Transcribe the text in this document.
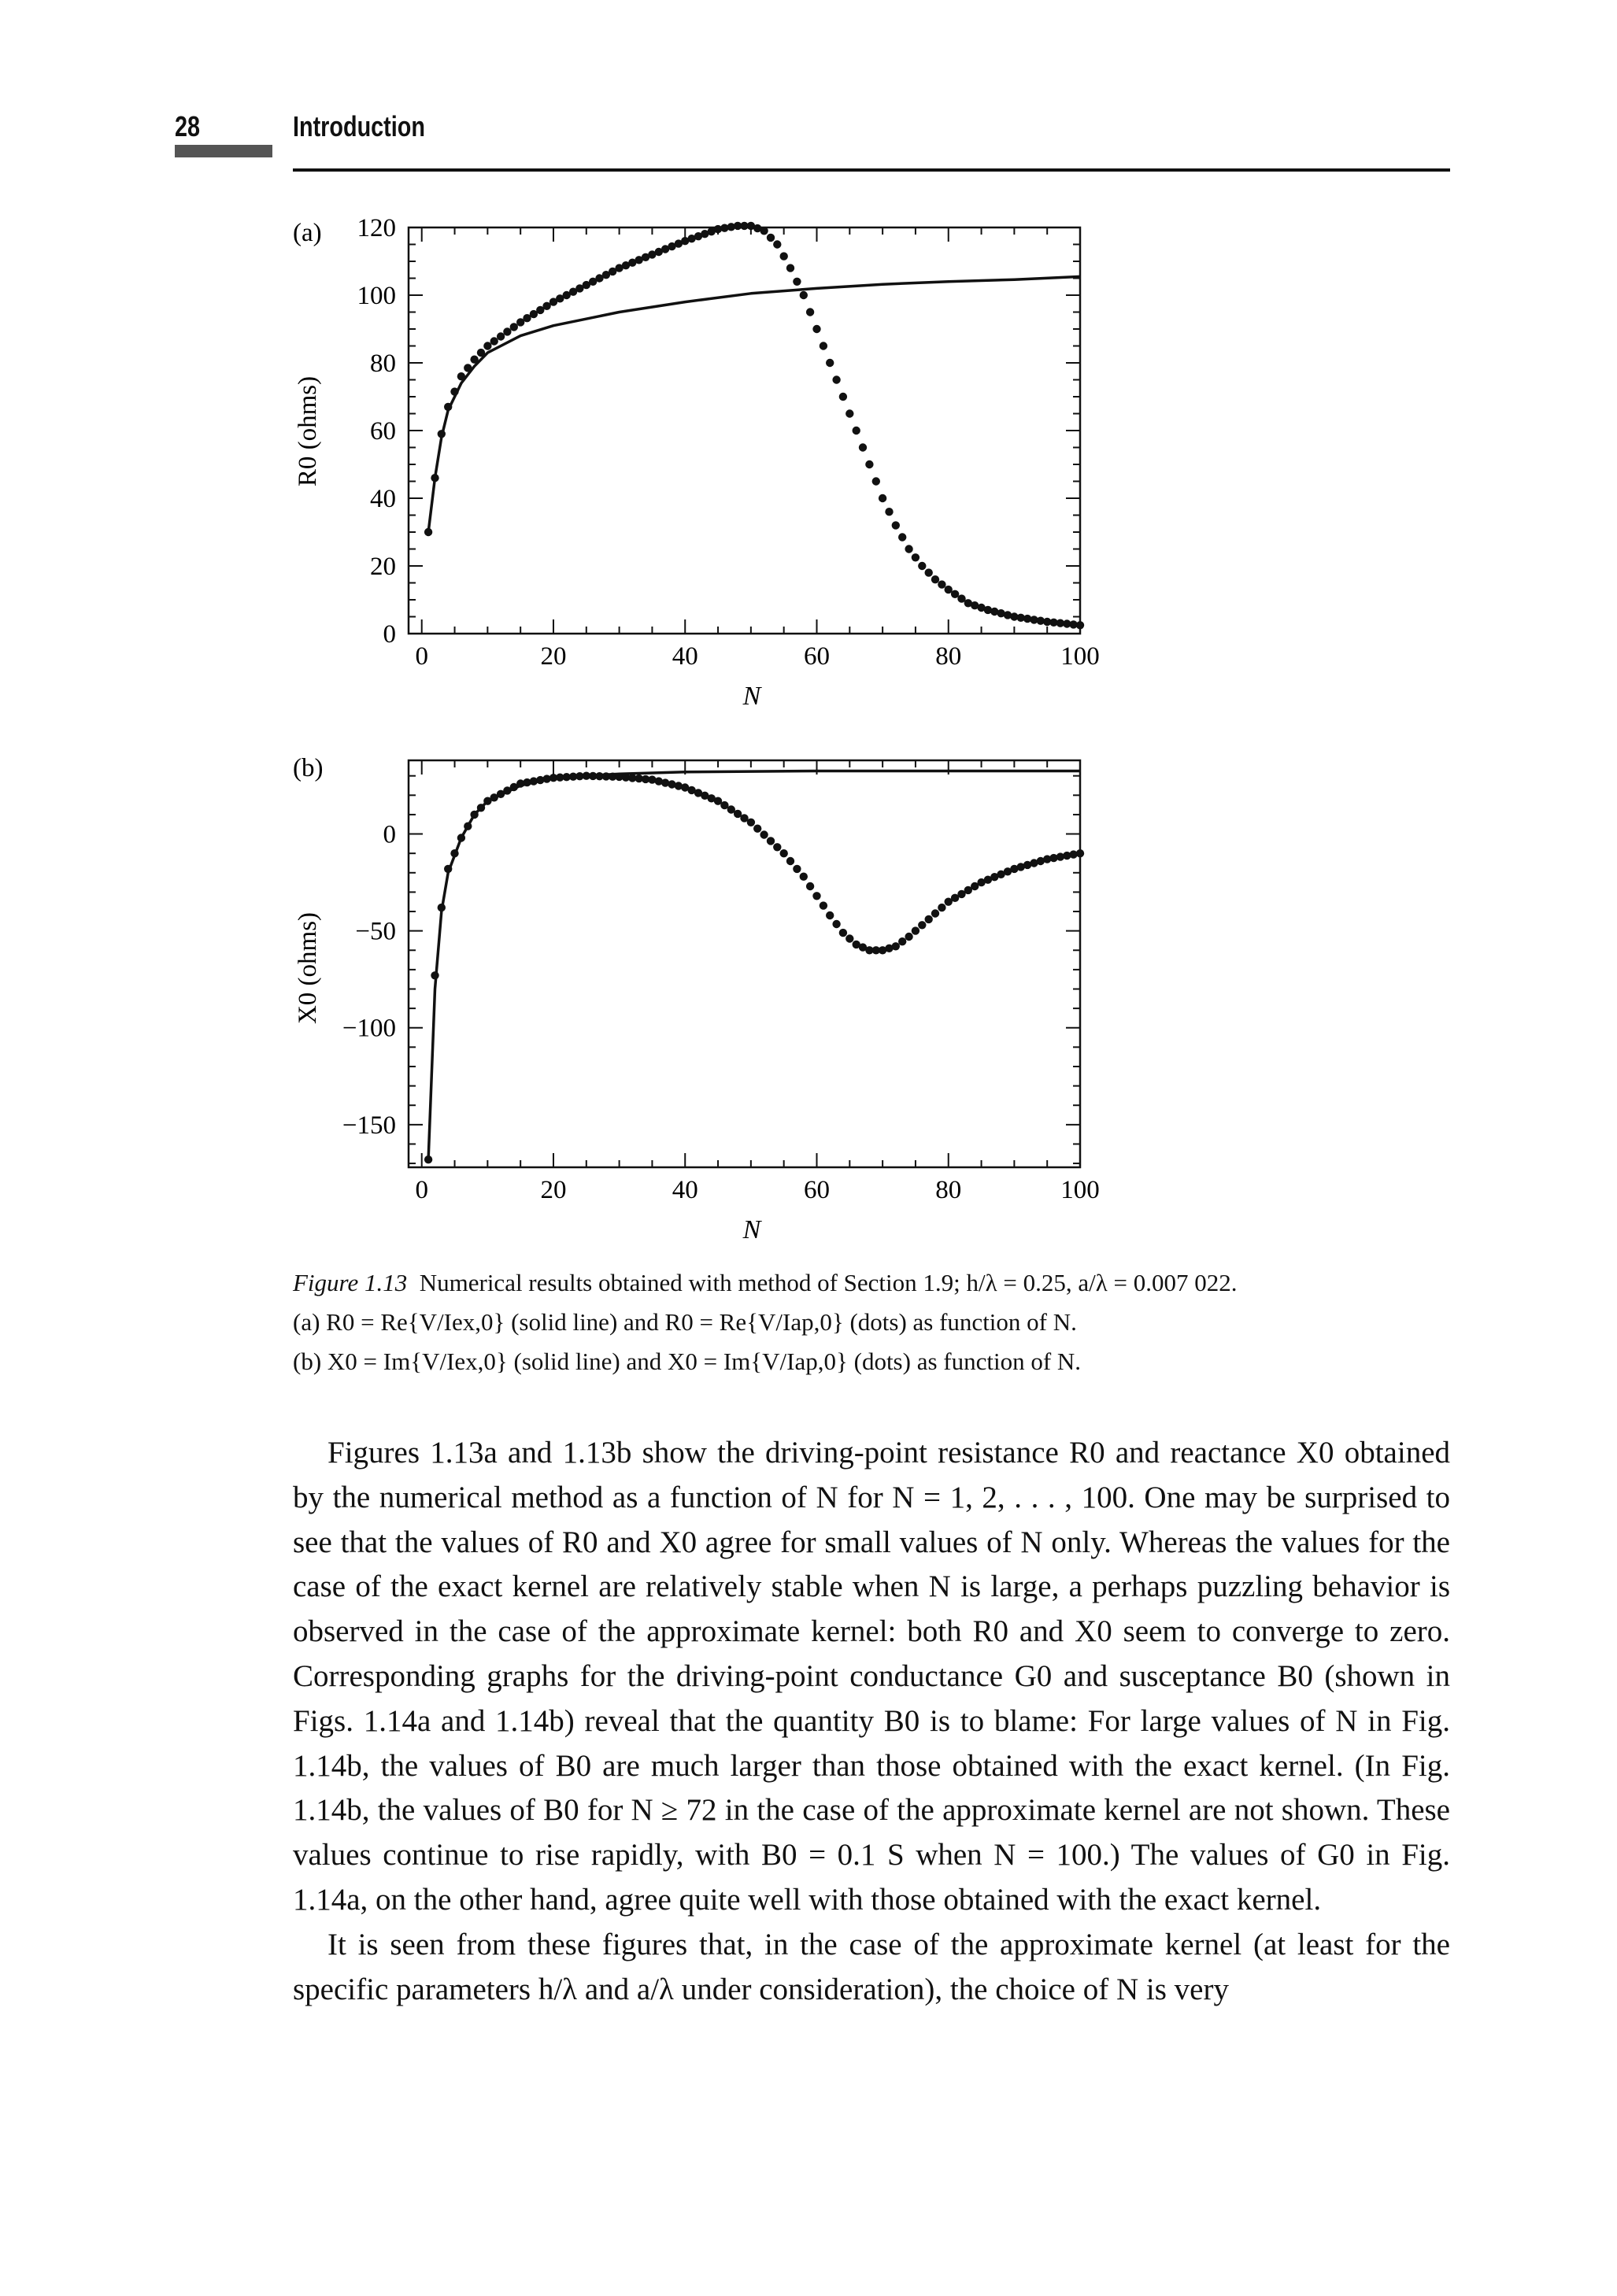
28	Introduction
(a)
0	20	40	60	80	100
0
20
40
60
80
100
120
N
R0 (ohms)
(b)
0	20	40	60	80	100
0
−50
−100
−150
N
X0 (ohms)

Figure 1.13 Numerical results obtained with method of Section 1.9; h/λ = 0.25, a/λ = 0.007 022.

(a) R0 = Re{V/Iex,0} (solid line) and R0 = Re{V/Iap,0} (dots) as function of N.

(b) X0 = Im{V/Iex,0} (solid line) and X0 = Im{V/Iap,0} (dots) as function of N.

Figures 1.13a and 1.13b show the driving-point resistance R0 and reactance X0 obtained by the numerical method as a function of N for N = 1, 2, . . . , 100. One may be surprised to see that the values of R0 and X0 agree for small values of N only. Whereas the values for the case of the exact kernel are relatively stable when N is large, a perhaps puzzling behavior is observed in the case of the approximate kernel: both R0 and X0 seem to converge to zero. Corresponding graphs for the driving-point conductance G0 and susceptance B0 (shown in Figs. 1.14a and 1.14b) reveal that the quantity B0 is to blame: For large values of N in Fig. 1.14b, the values of B0 are much larger than those obtained with the exact kernel. (In Fig. 1.14b, the values of B0 for N ≥ 72 in the case of the approximate kernel are not shown. These values continue to rise rapidly, with B0 = 0.1 S when N = 100.) The values of G0 in Fig. 1.14a, on the other hand, agree quite well with those obtained with the exact kernel.

It is seen from these figures that, in the case of the approximate kernel (at least for the specific parameters h/λ and a/λ under consideration), the choice of N is very
